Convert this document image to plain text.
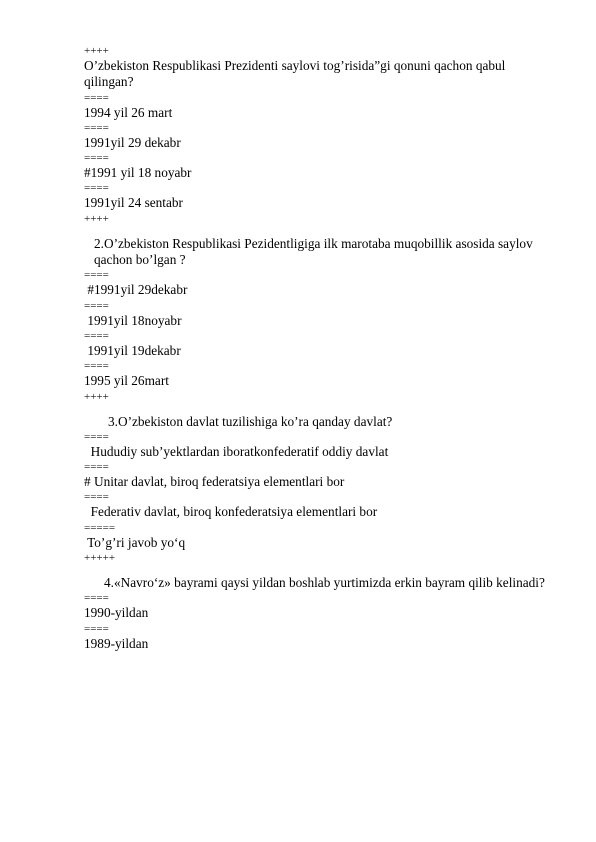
++++
O’zbekiston Respublikasi Prezidenti saylovi tog’risida”gi qonuni qachon qabul qilingan?
====
1994 yil 26 mart
====
1991yil 29 dekabr
====
#1991 yil 18 noyabr
====
1991yil 24 sentabr
++++
2.O’zbekiston Respublikasi Pezidentligiga ilk marotaba muqobillik asosida saylov qachon bo’lgan ?
====
#1991yil 29dekabr
====
1991yil 18noyabr
====
1991yil 19dekabr
====
1995 yil 26mart
++++
3.O’zbekiston davlat tuzilishiga ko’ra qanday davlat?
====
Hududiy sub’yektlardan iboratkonfederatif oddiy davlat
====
# Unitar davlat, biroq federatsiya elementlari bor
====
Federativ davlat, biroq konfederatsiya elementlari bor
=====
To’g’ri javob yo‘q
+++++
4.«Navro‘z» bayrami qaysi yildan boshlab yurtimizda erkin bayram qilib kelinadi?
====
1990-yildan
====
1989-yildan
